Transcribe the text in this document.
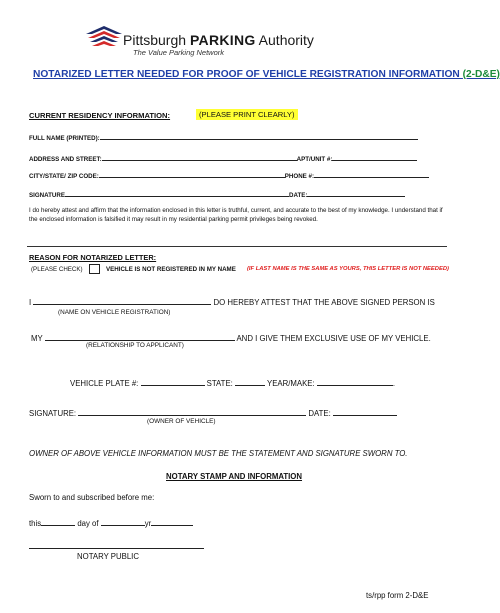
Pittsburgh PARKING Authority
The Value Parking Network
NOTARIZED LETTER NEEDED FOR PROOF OF VEHICLE REGISTRATION INFORMATION (2-D&E)
CURRENT RESIDENCY INFORMATION:	(PLEASE PRINT CLEARLY)
FULL NAME (PRINTED):
ADDRESS AND STREET:	APT/UNIT #:
CITY/STATE/ ZIP CODE:	PHONE #:
SIGNATURE	DATE:
I do hereby attest and affirm that the information enclosed in this letter is truthful, current, and accurate to the best of my knowledge. I understand that if the enclosed information is falsified it may result in my residential parking permit privileges being revoked.
REASON FOR NOTARIZED LETTER:
(PLEASE CHECK)	VEHICLE IS NOT REGISTERED IN MY NAME (IF LAST NAME IS THE SAME AS YOURS, THIS LETTER IS NOT NEEDED)
I	DO HEREBY ATTEST THAT THE ABOVE SIGNED PERSON IS
(NAME ON VEHICLE REGISTRATION)
MY	AND I GIVE THEM EXCLUSIVE USE OF MY VEHICLE.
(RELATIONSHIP TO APPLICANT)
VEHICLE PLATE #:	STATE:	YEAR/MAKE:	.
SIGNATURE:	DATE:
(OWNER OF VEHICLE)
OWNER OF ABOVE VEHICLE INFORMATION MUST BE THE STATEMENT AND SIGNATURE SWORN TO.
NOTARY STAMP AND INFORMATION
Sworn to and subscribed before me:
this	day of	yr
NOTARY PUBLIC
ts/rpp form 2-D&E
